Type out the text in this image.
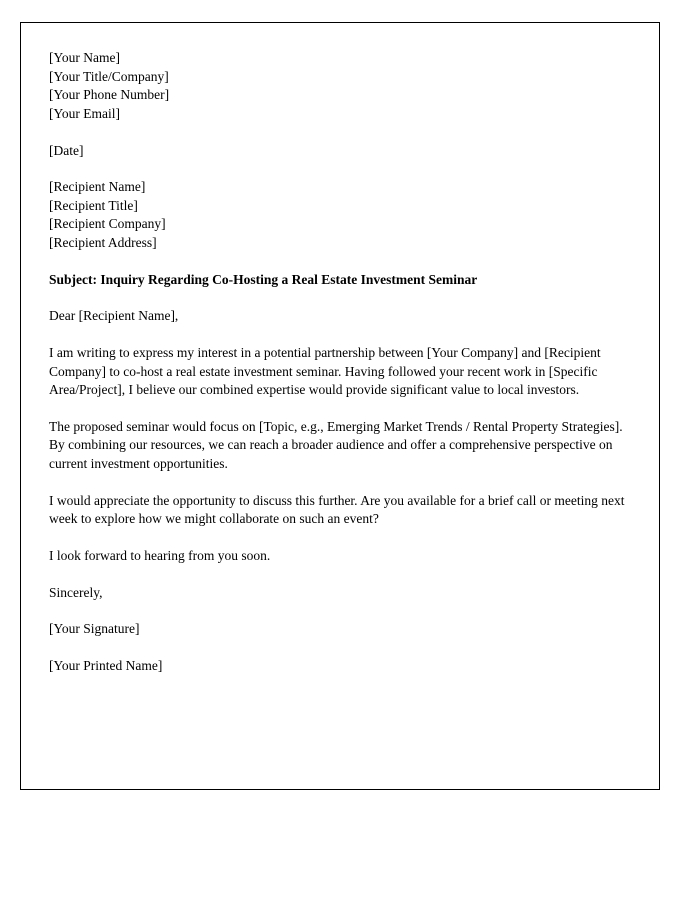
[Your Name]
[Your Title/Company]
[Your Phone Number]
[Your Email]
[Date]
[Recipient Name]
[Recipient Title]
[Recipient Company]
[Recipient Address]

Subject: Inquiry Regarding Co-Hosting a Real Estate Investment Seminar

Dear [Recipient Name],

I am writing to express my interest in a potential partnership between [Your Company] and [Recipient Company] to co-host a real estate investment seminar. Having followed your recent work in [Specific Area/Project], I believe our combined expertise would provide significant value to local investors.

The proposed seminar would focus on [Topic, e.g., Emerging Market Trends / Rental Property Strategies]. By combining our resources, we can reach a broader audience and offer a comprehensive perspective on current investment opportunities.

I would appreciate the opportunity to discuss this further. Are you available for a brief call or meeting next week to explore how we might collaborate on such an event?

I look forward to hearing from you soon.

Sincerely,

[Your Signature]

[Your Printed Name]
